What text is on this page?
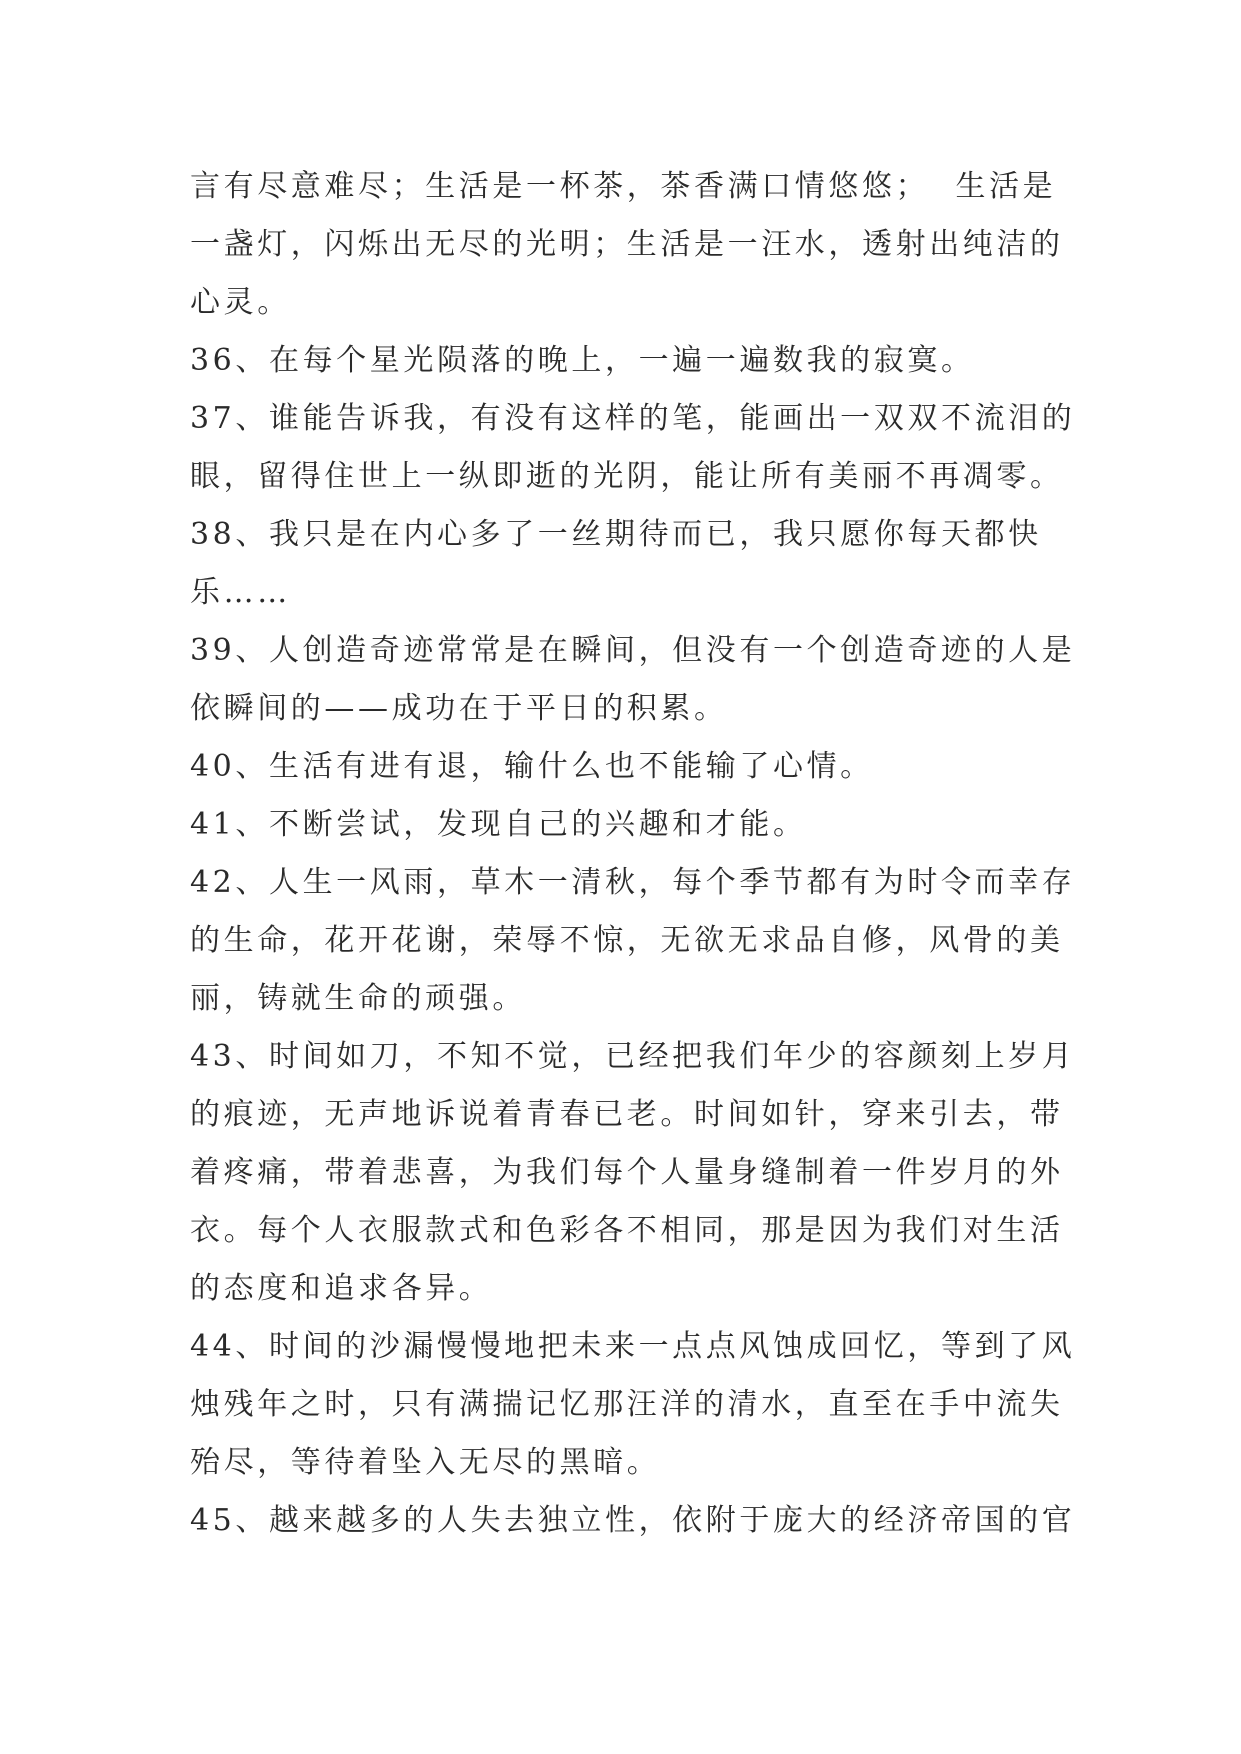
言有尽意难尽；生活是一杯茶，茶香满口情悠悠；  生活是
一盏灯，闪烁出无尽的光明；生活是一汪水，透射出纯洁的
心灵。
36、在每个星光陨落的晚上，一遍一遍数我的寂寞。
37、谁能告诉我，有没有这样的笔，能画出一双双不流泪的
眼，留得住世上一纵即逝的光阴，能让所有美丽不再凋零。
38、我只是在内心多了一丝期待而已，我只愿你每天都快
乐……
39、人创造奇迹常常是在瞬间，但没有一个创造奇迹的人是
依瞬间的——成功在于平日的积累。
40、生活有进有退，输什么也不能输了心情。
41、不断尝试，发现自己的兴趣和才能。
42、人生一风雨，草木一清秋，每个季节都有为时令而幸存
的生命，花开花谢，荣辱不惊，无欲无求品自修，风骨的美
丽，铸就生命的顽强。
43、时间如刀，不知不觉，已经把我们年少的容颜刻上岁月
的痕迹，无声地诉说着青春已老。时间如针，穿来引去，带
着疼痛，带着悲喜，为我们每个人量身缝制着一件岁月的外
衣。每个人衣服款式和色彩各不相同，那是因为我们对生活
的态度和追求各异。
44、时间的沙漏慢慢地把未来一点点风蚀成回忆，等到了风
烛残年之时，只有满揣记忆那汪洋的清水，直至在手中流失
殆尽，等待着坠入无尽的黑暗。
45、越来越多的人失去独立性，依附于庞大的经济帝国的官
